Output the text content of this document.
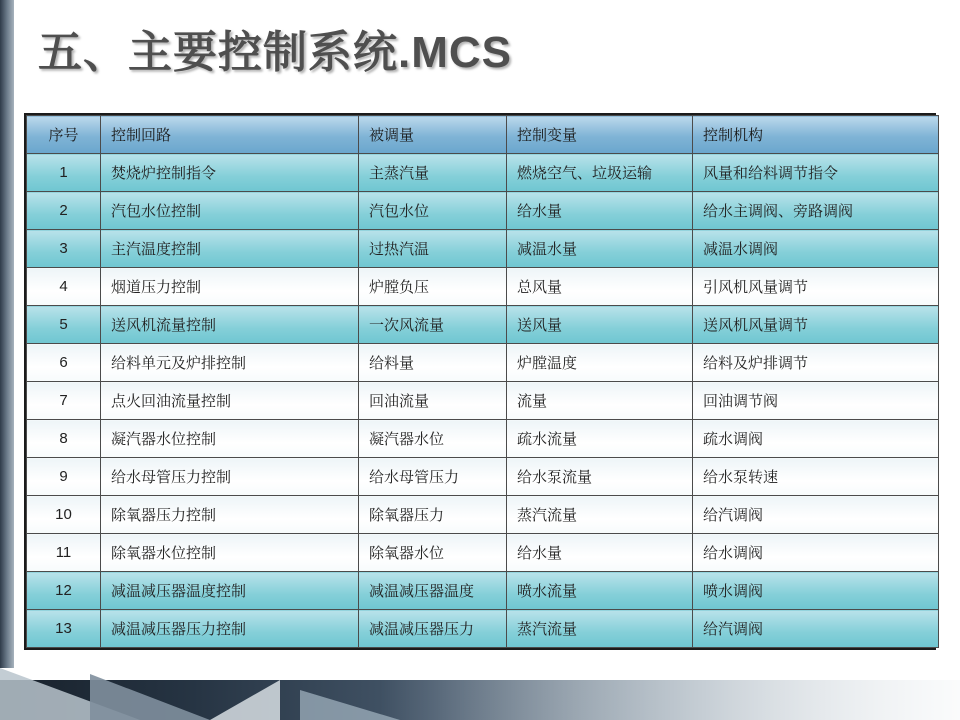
五、主要控制系统.MCS
序号	控制回路	被调量	控制变量	控制机构
1	焚烧炉控制指令	主蒸汽量	燃烧空气、垃圾运输	风量和给料调节指令
2	汽包水位控制	汽包水位	给水量	给水主调阀、旁路调阀
3	主汽温度控制	过热汽温	减温水量	减温水调阀
4	烟道压力控制	炉膛负压	总风量	引风机风量调节
5	送风机流量控制	一次风流量	送风量	送风机风量调节
6	给料单元及炉排控制	给料量	炉膛温度	给料及炉排调节
7	点火回油流量控制	回油流量	流量	回油调节阀
8	凝汽器水位控制	凝汽器水位	疏水流量	疏水调阀
9	给水母管压力控制	给水母管压力	给水泵流量	给水泵转速
10	除氧器压力控制	除氧器压力	蒸汽流量	给汽调阀
11	除氧器水位控制	除氧器水位	给水量	给水调阀
12	减温减压器温度控制	减温减压器温度	喷水流量	喷水调阀
13	减温减压器压力控制	减温减压器压力	蒸汽流量	给汽调阀
